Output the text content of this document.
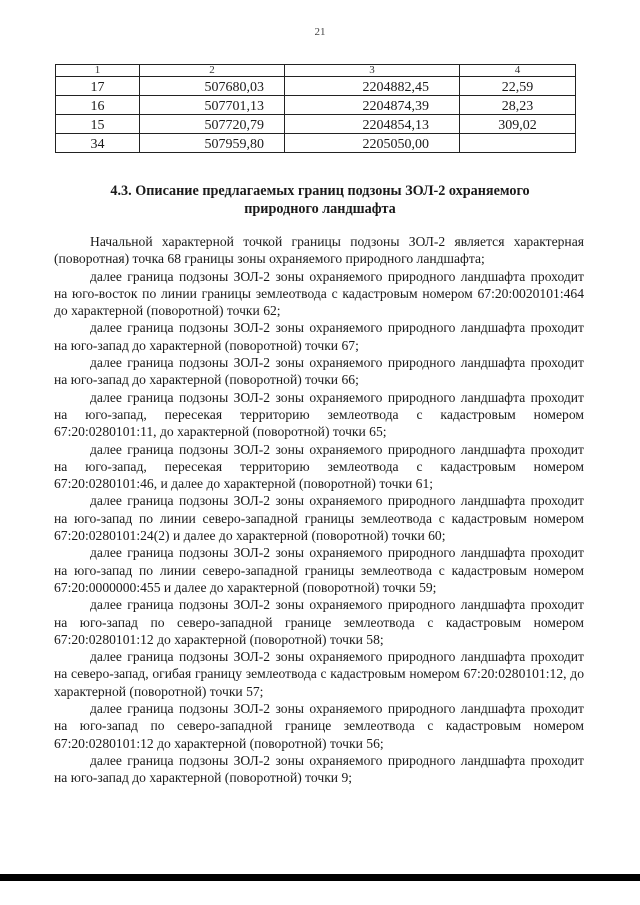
21
1	2	3	4
17	507680,03	2204882,45	22,59
16	507701,13	2204874,39	28,23
15	507720,79	2204854,13	309,02
34	507959,80	2205050,00	
4.3. Описание предлагаемых границ подзоны ЗОЛ-2 охраняемого
природного ландшафта

Начальной характерной точкой границы подзоны ЗОЛ-2 является характерная (поворотная) точка 68 границы зоны охраняемого природного ландшафта;

далее граница подзоны ЗОЛ-2 зоны охраняемого природного ландшафта проходит на юго-восток по линии границы землеотвода с кадастровым номером 67:20:0020101:464 до характерной (поворотной) точки 62;

далее граница подзоны ЗОЛ-2 зоны охраняемого природного ландшафта проходит на юго-запад до характерной (поворотной) точки 67;

далее граница подзоны ЗОЛ-2 зоны охраняемого природного ландшафта проходит на юго-запад до характерной (поворотной) точки 66;

далее граница подзоны ЗОЛ-2 зоны охраняемого природного ландшафта проходит на юго-запад, пересекая территорию землеотвода с кадастровым номером 67:20:0280101:11, до характерной (поворотной) точки 65;

далее граница подзоны ЗОЛ-2 зоны охраняемого природного ландшафта проходит на юго-запад, пересекая территорию землеотвода с кадастровым номером 67:20:0280101:46, и далее до характерной (поворотной) точки 61;

далее граница подзоны ЗОЛ-2 зоны охраняемого природного ландшафта проходит на юго-запад по линии северо-западной границы землеотвода с кадастровым номером 67:20:0280101:24(2) и далее до характерной (поворотной) точки 60;

далее граница подзоны ЗОЛ-2 зоны охраняемого природного ландшафта проходит на юго-запад по линии северо-западной границы землеотвода с кадастровым номером 67:20:0000000:455 и далее до характерной (поворотной) точки 59;

далее граница подзоны ЗОЛ-2 зоны охраняемого природного ландшафта проходит на юго-запад по северо-западной границе землеотвода с кадастровым номером 67:20:0280101:12 до характерной (поворотной) точки 58;

далее граница подзоны ЗОЛ-2 зоны охраняемого природного ландшафта проходит на северо-запад, огибая границу землеотвода с кадастровым номером 67:20:0280101:12, до характерной (поворотной) точки 57;

далее граница подзоны ЗОЛ-2 зоны охраняемого природного ландшафта проходит на юго-запад по северо-западной границе землеотвода с кадастровым номером 67:20:0280101:12 до характерной (поворотной) точки 56;

далее граница подзоны ЗОЛ-2 зоны охраняемого природного ландшафта проходит на юго-запад до характерной (поворотной) точки 9;
